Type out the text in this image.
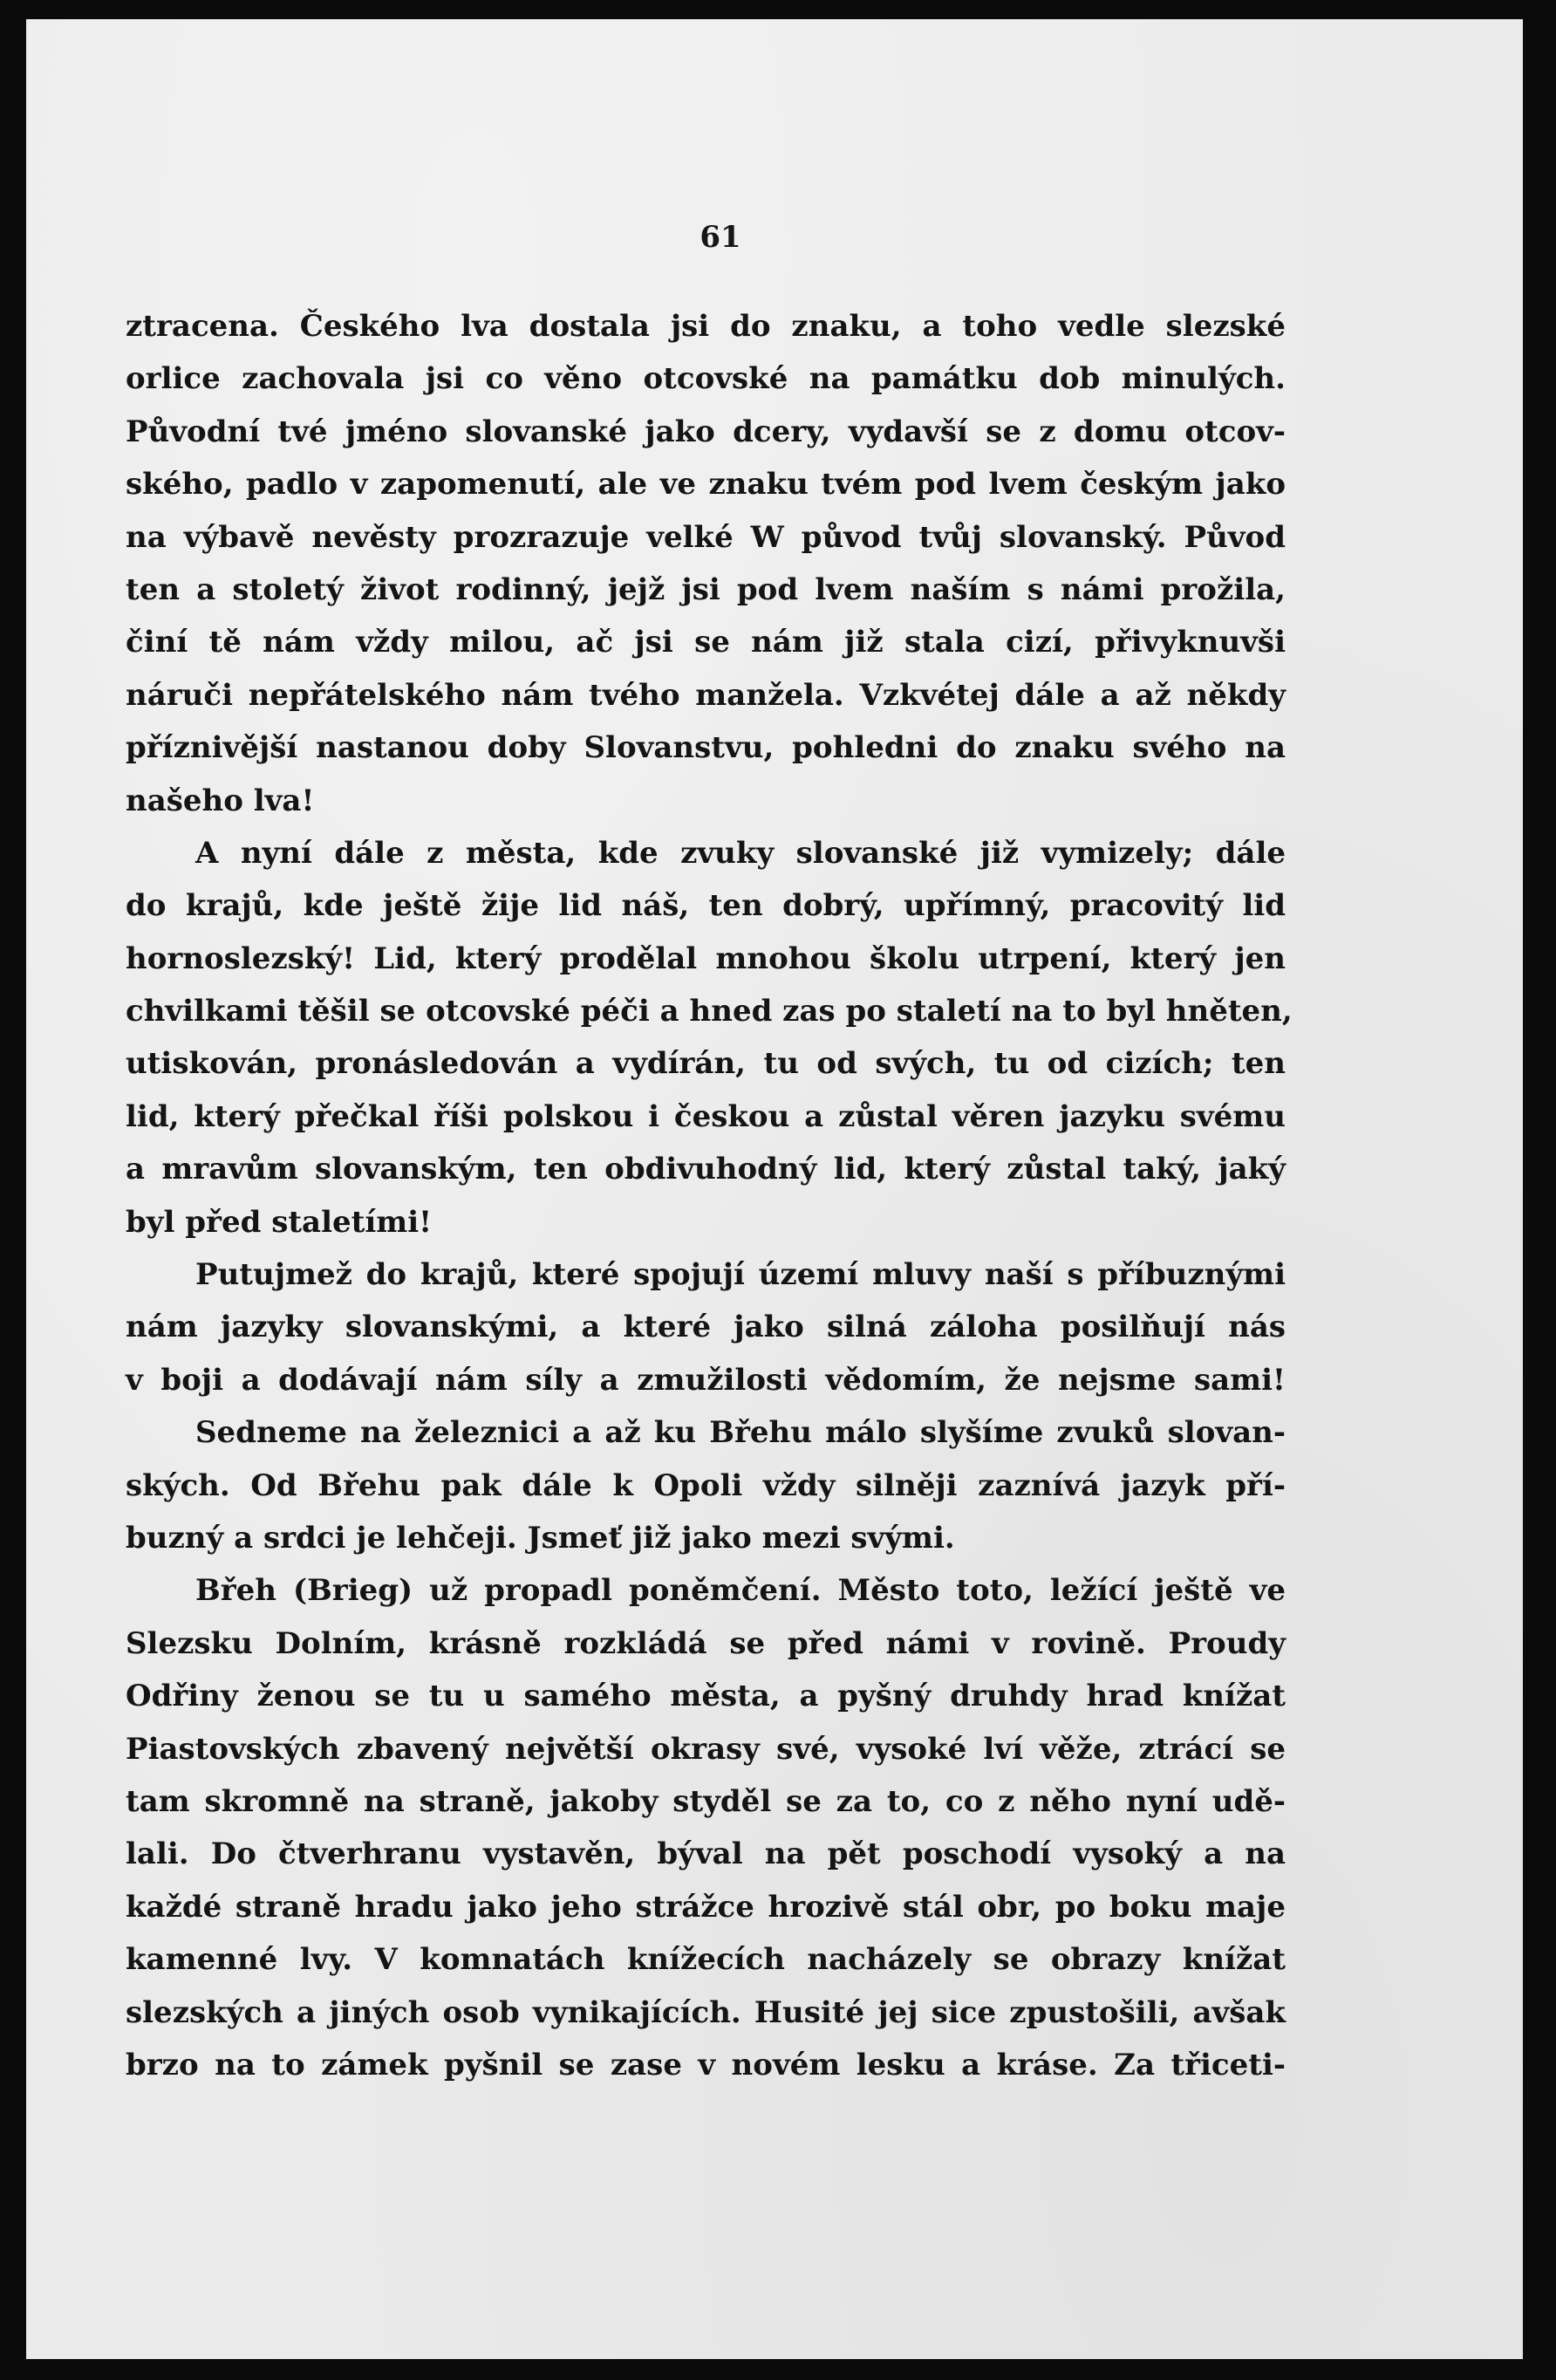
61
ztracena. Českého lva dostala jsi do znaku, a toho vedle slezské
orlice zachovala jsi co věno otcovské na památku dob minulých.
Původní tvé jméno slovanské jako dcery, vydavší se z domu otcov-
ského, padlo v zapomenutí, ale ve znaku tvém pod lvem českým jako
na výbavě nevěsty prozrazuje velké W původ tvůj slovanský. Původ
ten a stoletý život rodinný, jejž jsi pod lvem naším s námi prožila,
činí tě nám vždy milou, ač jsi se nám již stala cizí, přivyknuvši
náruči nepřátelského nám tvého manžela. Vzkvétej dále a až někdy
příznivější nastanou doby Slovanstvu, pohledni do znaku svého na
našeho lva!
A nyní dále z města, kde zvuky slovanské již vymizely; dále
do krajů, kde ještě žije lid náš, ten dobrý, upřímný, pracovitý lid
hornoslezský! Lid, který prodělal mnohou školu utrpení, který jen
chvilkami těšil se otcovské péči a hned zas po staletí na to byl hněten,
utiskován, pronásledován a vydírán, tu od svých, tu od cizích; ten
lid, který přečkal říši polskou i českou a zůstal věren jazyku svému
a mravům slovanským, ten obdivuhodný lid, který zůstal taký, jaký
byl před staletími!
Putujmež do krajů, které spojují území mluvy naší s příbuznými
nám jazyky slovanskými, a které jako silná záloha posilňují nás
v boji a dodávají nám síly a zmužilosti vědomím, že nejsme sami!
Sedneme na železnici a až ku Břehu málo slyšíme zvuků slovan-
ských. Od Břehu pak dále k Opoli vždy silněji zaznívá jazyk pří-
buzný a srdci je lehčeji. Jsmeť již jako mezi svými.
Břeh (Brieg) už propadl poněmčení. Město toto, ležící ještě ve
Slezsku Dolním, krásně rozkládá se před námi v rovině. Proudy
Odřiny ženou se tu u samého města, a pyšný druhdy hrad knížat
Piastovských zbavený největší okrasy své, vysoké lví věže, ztrácí se
tam skromně na straně, jakoby styděl se za to, co z něho nyní udě-
lali. Do čtverhranu vystavěn, býval na pět poschodí vysoký a na
každé straně hradu jako jeho strážce hrozivě stál obr, po boku maje
kamenné lvy. V komnatách knížecích nacházely se obrazy knížat
slezských a jiných osob vynikajících. Husité jej sice zpustošili, avšak
brzo na to zámek pyšnil se zase v novém lesku a kráse. Za třiceti-
